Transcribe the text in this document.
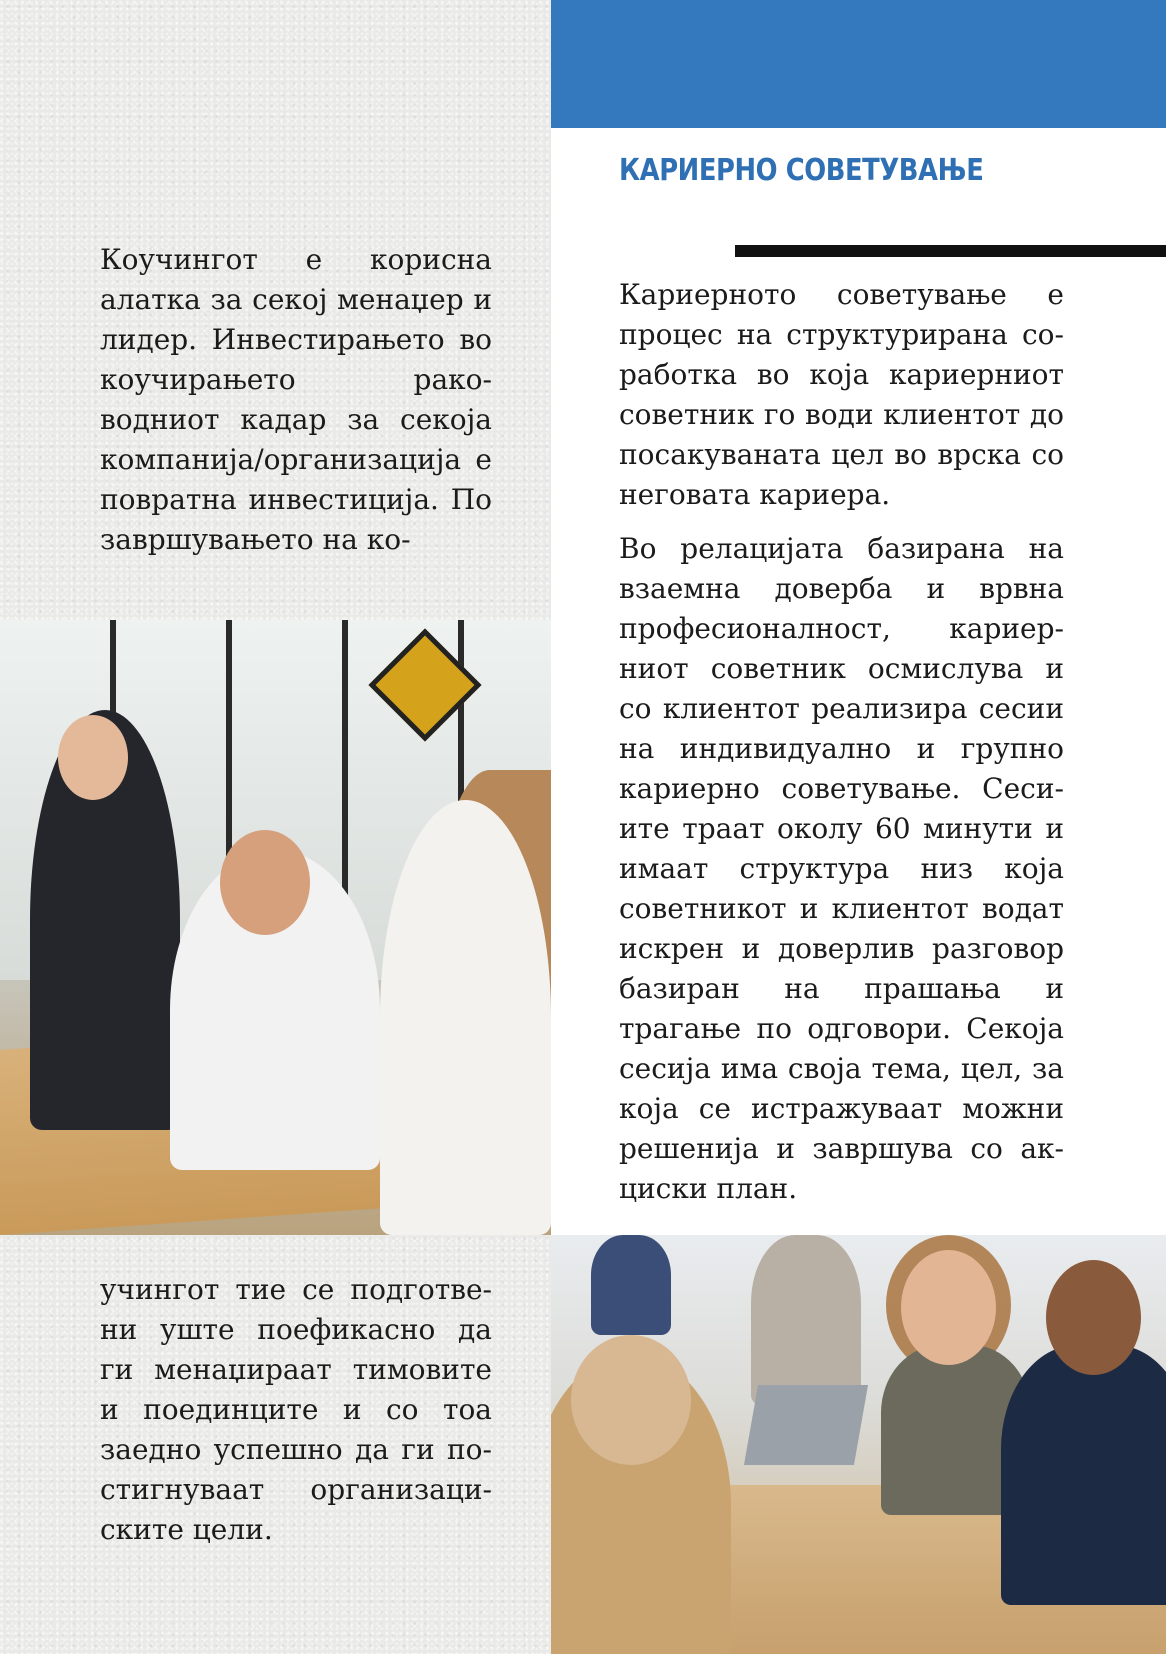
КАРИЕРНО СОВЕТУВАЊЕ

Коучингот е корисна алатка за секој менаџер и лидер. Инвестирањето во коучирањето раководниот кадар за секоја компанија/организација е повратна инвестиција. По завршувањето на ко-

учингот тие се подготвени уште поефикасно да ги менаџираат тимовите и поединците и со тоа заедно успешно да ги постигнуваат организациските цели.

Кариерното советување е процес на структурирана соработка во која кариерниот советник го води клиентот до посакуваната цел во врска со неговата кариера.

Во релацијата базирана на взаемна доверба и врвна професионалност, кариерниот советник осмислува и со клиентот реализира сесии на индивидуално и групно кариерно советување. Сесиите траат околу 60 минути и имаат структура низ која советникот и клиентот водат искрен и доверлив разговор базиран на прашања и трагање по одговори. Секоја сесија има своја тема, цел, за која се истражуваат можни решенија и завршува со акциски план.
